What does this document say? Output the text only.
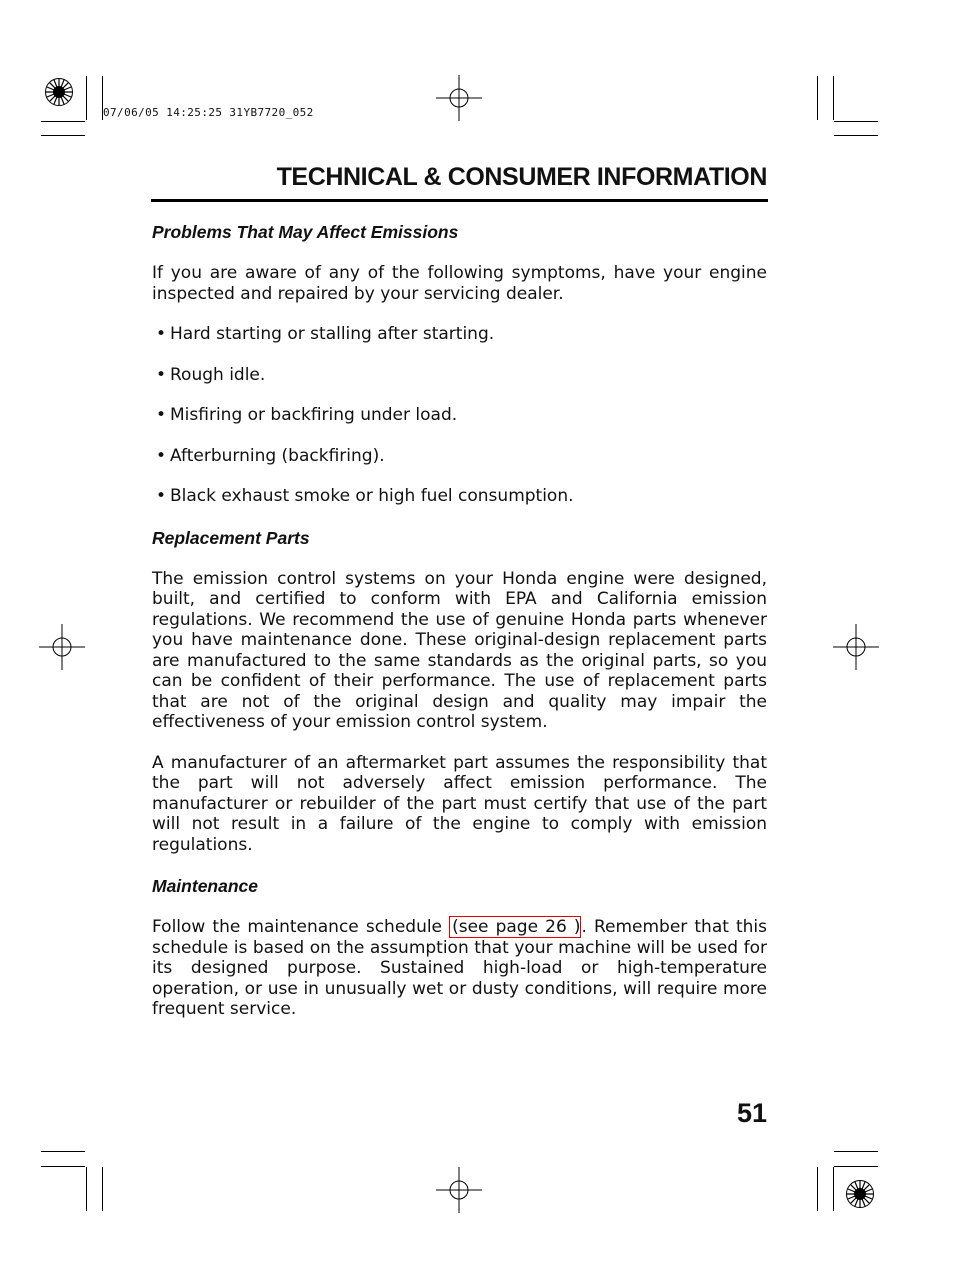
07/06/05 14:25:25 31YB7720_052
TECHNICAL & CONSUMER INFORMATION
Problems That May Affect Emissions

If you are aware of any of the following symptoms, have your engine inspected and repaired by your servicing dealer.

• Hard starting or stalling after starting.

• Rough idle.

• Misfiring or backfiring under load.

• Afterburning (backfiring).

• Black exhaust smoke or high fuel consumption.

Replacement Parts

The emission control systems on your Honda engine were designed, built, and certified to conform with EPA and California emission regulations. We recommend the use of genuine Honda parts whenever you have maintenance done. These original-design replacement parts are manufactured to the same standards as the original parts, so you can be confident of their performance. The use of replacement parts that are not of the original design and quality may impair the effectiveness of your emission control system.

A manufacturer of an aftermarket part assumes the responsibility that the part will not adversely affect emission performance. The manufacturer or rebuilder of the part must certify that use of the part will not result in a failure of the engine to comply with emission regulations.

Maintenance

Follow the maintenance schedule (see page 26 ). Remember that this schedule is based on the assumption that your machine will be used for its designed purpose. Sustained high-load or high-temperature operation, or use in unusually wet or dusty conditions, will require more frequent service.

51
